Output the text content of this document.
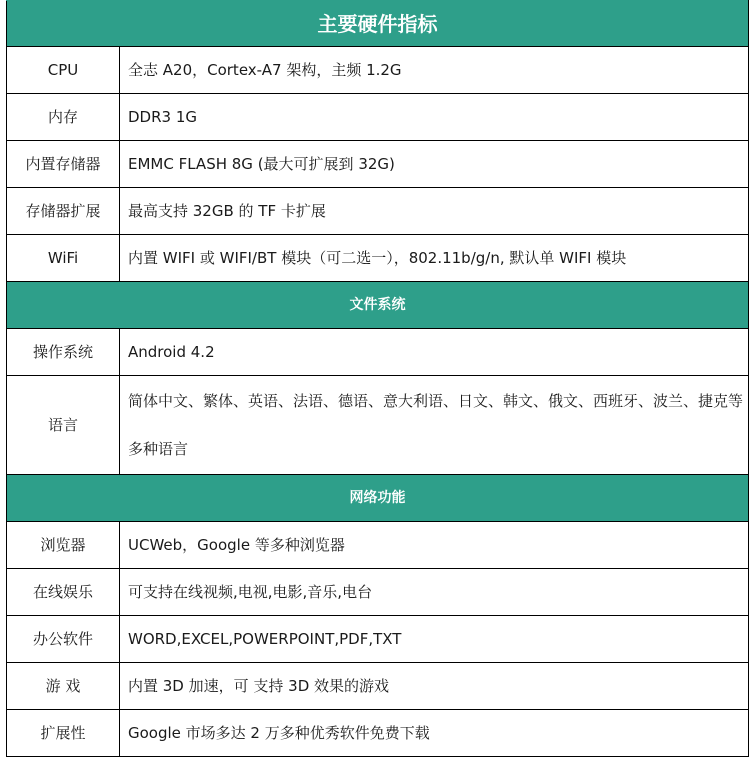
主要硬件指标	
CPU	全志 A20，Cortex-A7 架构，主频 1.2G
内存	DDR3 1G
内置存储器	EMMC FLASH 8G (最大可扩展到 32G)
存储器扩展	最高支持 32GB 的 TF 卡扩展
WiFi	内置 WIFI 或 WIFI/BT 模块（可二选一），802.11b/g/n, 默认单 WIFI 模块
文件系统	
操作系统	Android 4.2
语言	简体中文、繁体、英语、法语、德语、意大利语、日文、韩文、俄文、西班牙、波兰、捷克等多种语言
网络功能	
浏览器	UCWeb，Google 等多种浏览器
在线娱乐	可支持在线视频,电视,电影,音乐,电台
办公软件	WORD,EXCEL,POWERPOINT,PDF,TXT
游 戏	内置 3D 加速，可 支持 3D 效果的游戏
扩展性	Google 市场多达 2 万多种优秀软件免费下载
